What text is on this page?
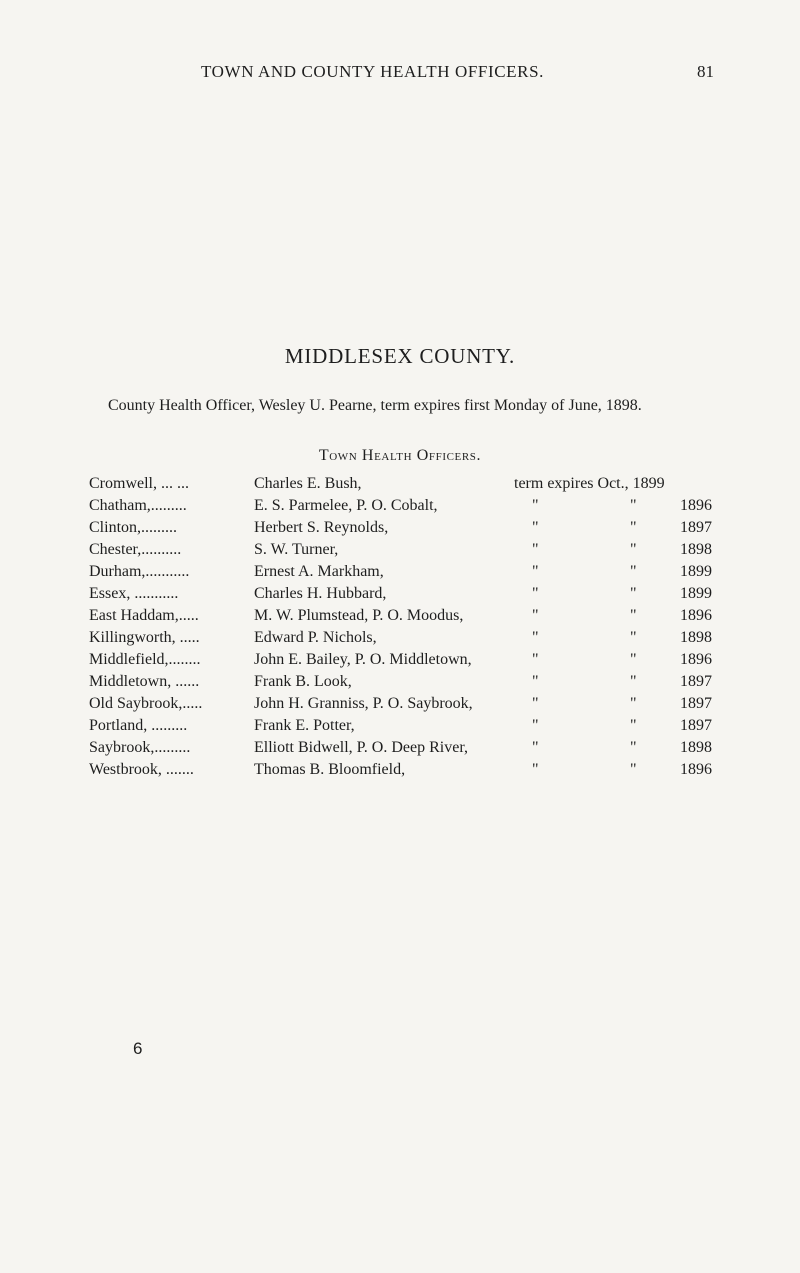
TOWN AND COUNTY HEALTH OFFICERS.	81
MIDDLESEX COUNTY.
County Health Officer, Wesley U. Pearne, term expires first Monday of June, 1898.
Town Health Officers.
Cromwell, ... ...	Charles E. Bush,	term expires Oct., 1899
Chatham,.........	E. S. Parmelee, P. O. Cobalt,	"	"	1896
Clinton,.........	Herbert S. Reynolds,	"	"	1897
Chester,..........	S. W. Turner,	"	"	1898
Durham,...........	Ernest A. Markham,	"	"	1899
Essex, ...........	Charles H. Hubbard,	"	"	1899
East Haddam,.....	M. W. Plumstead, P. O. Moodus,	"	"	1896
Killingworth, .....	Edward P. Nichols,	"	"	1898
Middlefield,........	John E. Bailey, P. O. Middletown,	"	"	1896
Middletown, ......	Frank B. Look,	"	"	1897
Old Saybrook,.....	John H. Granniss, P. O. Saybrook,	"	"	1897
Portland, .........	Frank E. Potter,	"	"	1897
Saybrook,.........	Elliott Bidwell, P. O. Deep River,	"	"	1898
Westbrook, .......	Thomas B. Bloomfield,	"	"	1896
6
